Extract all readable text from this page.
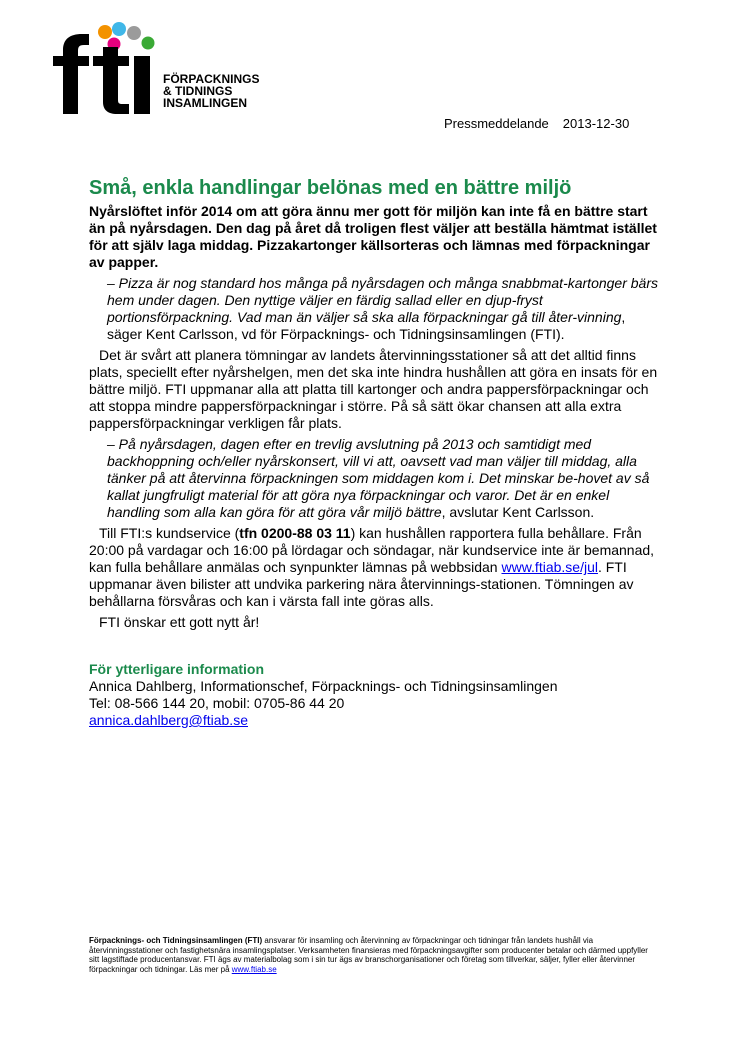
FÖRPACKNINGS
& TIDNINGS
INSAMLINGEN
Pressmeddelande 2013-12-30
Små, enkla handlingar belönas med en bättre miljö

Nyårslöftet inför 2014 om att göra ännu mer gott för miljön kan inte få en bättre start än på nyårsdagen. Den dag på året då troligen flest väljer att beställa hämtmat istället för att själv laga middag. Pizzakartonger källsorteras och lämnas med förpackningar av papper.

– Pizza är nog standard hos många på nyårsdagen och många snabbmat-kartonger bärs hem under dagen. Den nyttige väljer en färdig sallad eller en djup-fryst portionsförpackning. Vad man än väljer så ska alla förpackningar gå till åter-vinning, säger Kent Carlsson, vd för Förpacknings- och Tidningsinsamlingen (FTI).

Det är svårt att planera tömningar av landets återvinningsstationer så att det alltid finns plats, speciellt efter nyårshelgen, men det ska inte hindra hushållen att göra en insats för en bättre miljö. FTI uppmanar alla att platta till kartonger och andra pappersförpackningar och att stoppa mindre pappersförpackningar i större. På så sätt ökar chansen att alla extra pappersförpackningar verkligen får plats.

– På nyårsdagen, dagen efter en trevlig avslutning på 2013 och samtidigt med backhoppning och/eller nyårskonsert, vill vi att, oavsett vad man väljer till middag, alla tänker på att återvinna förpackningen som middagen kom i. Det minskar be-hovet av så kallat jungfruligt material för att göra nya förpackningar och varor. Det är en enkel handling som alla kan göra för att göra vår miljö bättre, avslutar Kent Carlsson.

Till FTI:s kundservice (tfn 0200-88 03 11) kan hushållen rapportera fulla behållare. Från 20:00 på vardagar och 16:00 på lördagar och söndagar, när kundservice inte är bemannad, kan fulla behållare anmälas och synpunkter lämnas på webbsidan www.ftiab.se/jul. FTI uppmanar även bilister att undvika parkering nära återvinnings-stationen. Tömningen av behållarna försvåras och kan i värsta fall inte göras alls.

FTI önskar ett gott nytt år!

För ytterligare information
Annica Dahlberg, Informationschef, Förpacknings- och Tidningsinsamlingen
Tel: 08-566 144 20, mobil: 0705-86 44 20
annica.dahlberg@ftiab.se
Förpacknings- och Tidningsinsamlingen (FTI) ansvarar för insamling och återvinning av förpackningar och tidningar från landets hushåll via återvinningsstationer och fastighetsnära insamlingsplatser. Verksamheten finansieras med förpackningsavgifter som producenter betalar och därmed uppfyller sitt lagstiftade producentansvar. FTI ägs av materialbolag som i sin tur ägs av branschorganisationer och företag som tillverkar, säljer, fyller eller återvinner förpackningar och tidningar. Läs mer på www.ftiab.se
